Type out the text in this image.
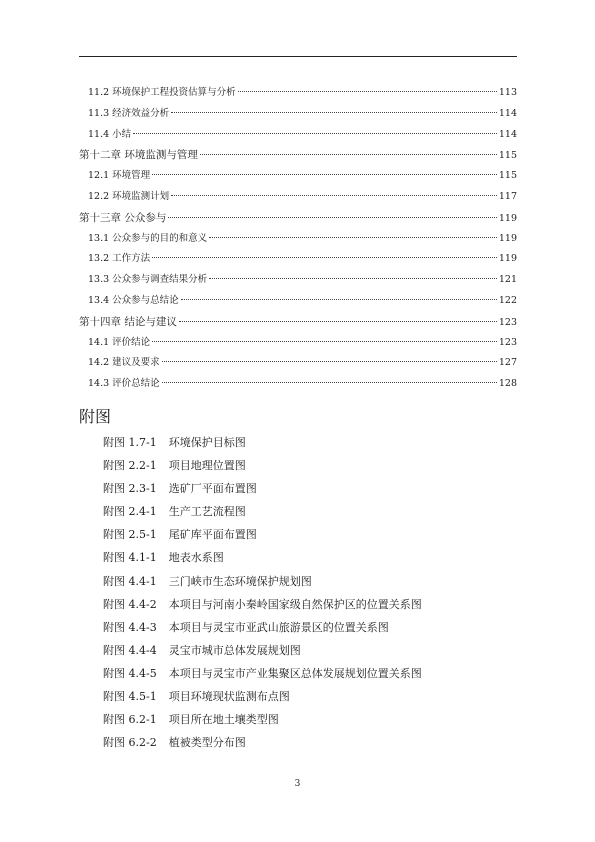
11.2 环境保护工程投资估算与分析	113
11.3 经济效益分析	114
11.4 小结	114
第十二章 环境监测与管理	115
12.1 环境管理	115
12.2 环境监测计划	117
第十三章 公众参与	119
13.1 公众参与的目的和意义	119
13.2 工作方法	119
13.3 公众参与调查结果分析	121
13.4 公众参与总结论	122
第十四章 结论与建议	123
14.1 评价结论	123
14.2 建议及要求	127
14.3 评价总结论	128
附图
附图 1.7-1 环境保护目标图
附图 2.2-1 项目地理位置图
附图 2.3-1 选矿厂平面布置图
附图 2.4-1 生产工艺流程图
附图 2.5-1 尾矿库平面布置图
附图 4.1-1 地表水系图
附图 4.4-1 三门峡市生态环境保护规划图
附图 4.4-2 本项目与河南小秦岭国家级自然保护区的位置关系图
附图 4.4-3 本项目与灵宝市亚武山旅游景区的位置关系图
附图 4.4-4 灵宝市城市总体发展规划图
附图 4.4-5 本项目与灵宝市产业集聚区总体发展规划位置关系图
附图 4.5-1 项目环境现状监测布点图
附图 6.2-1 项目所在地土壤类型图
附图 6.2-2 植被类型分布图
3
